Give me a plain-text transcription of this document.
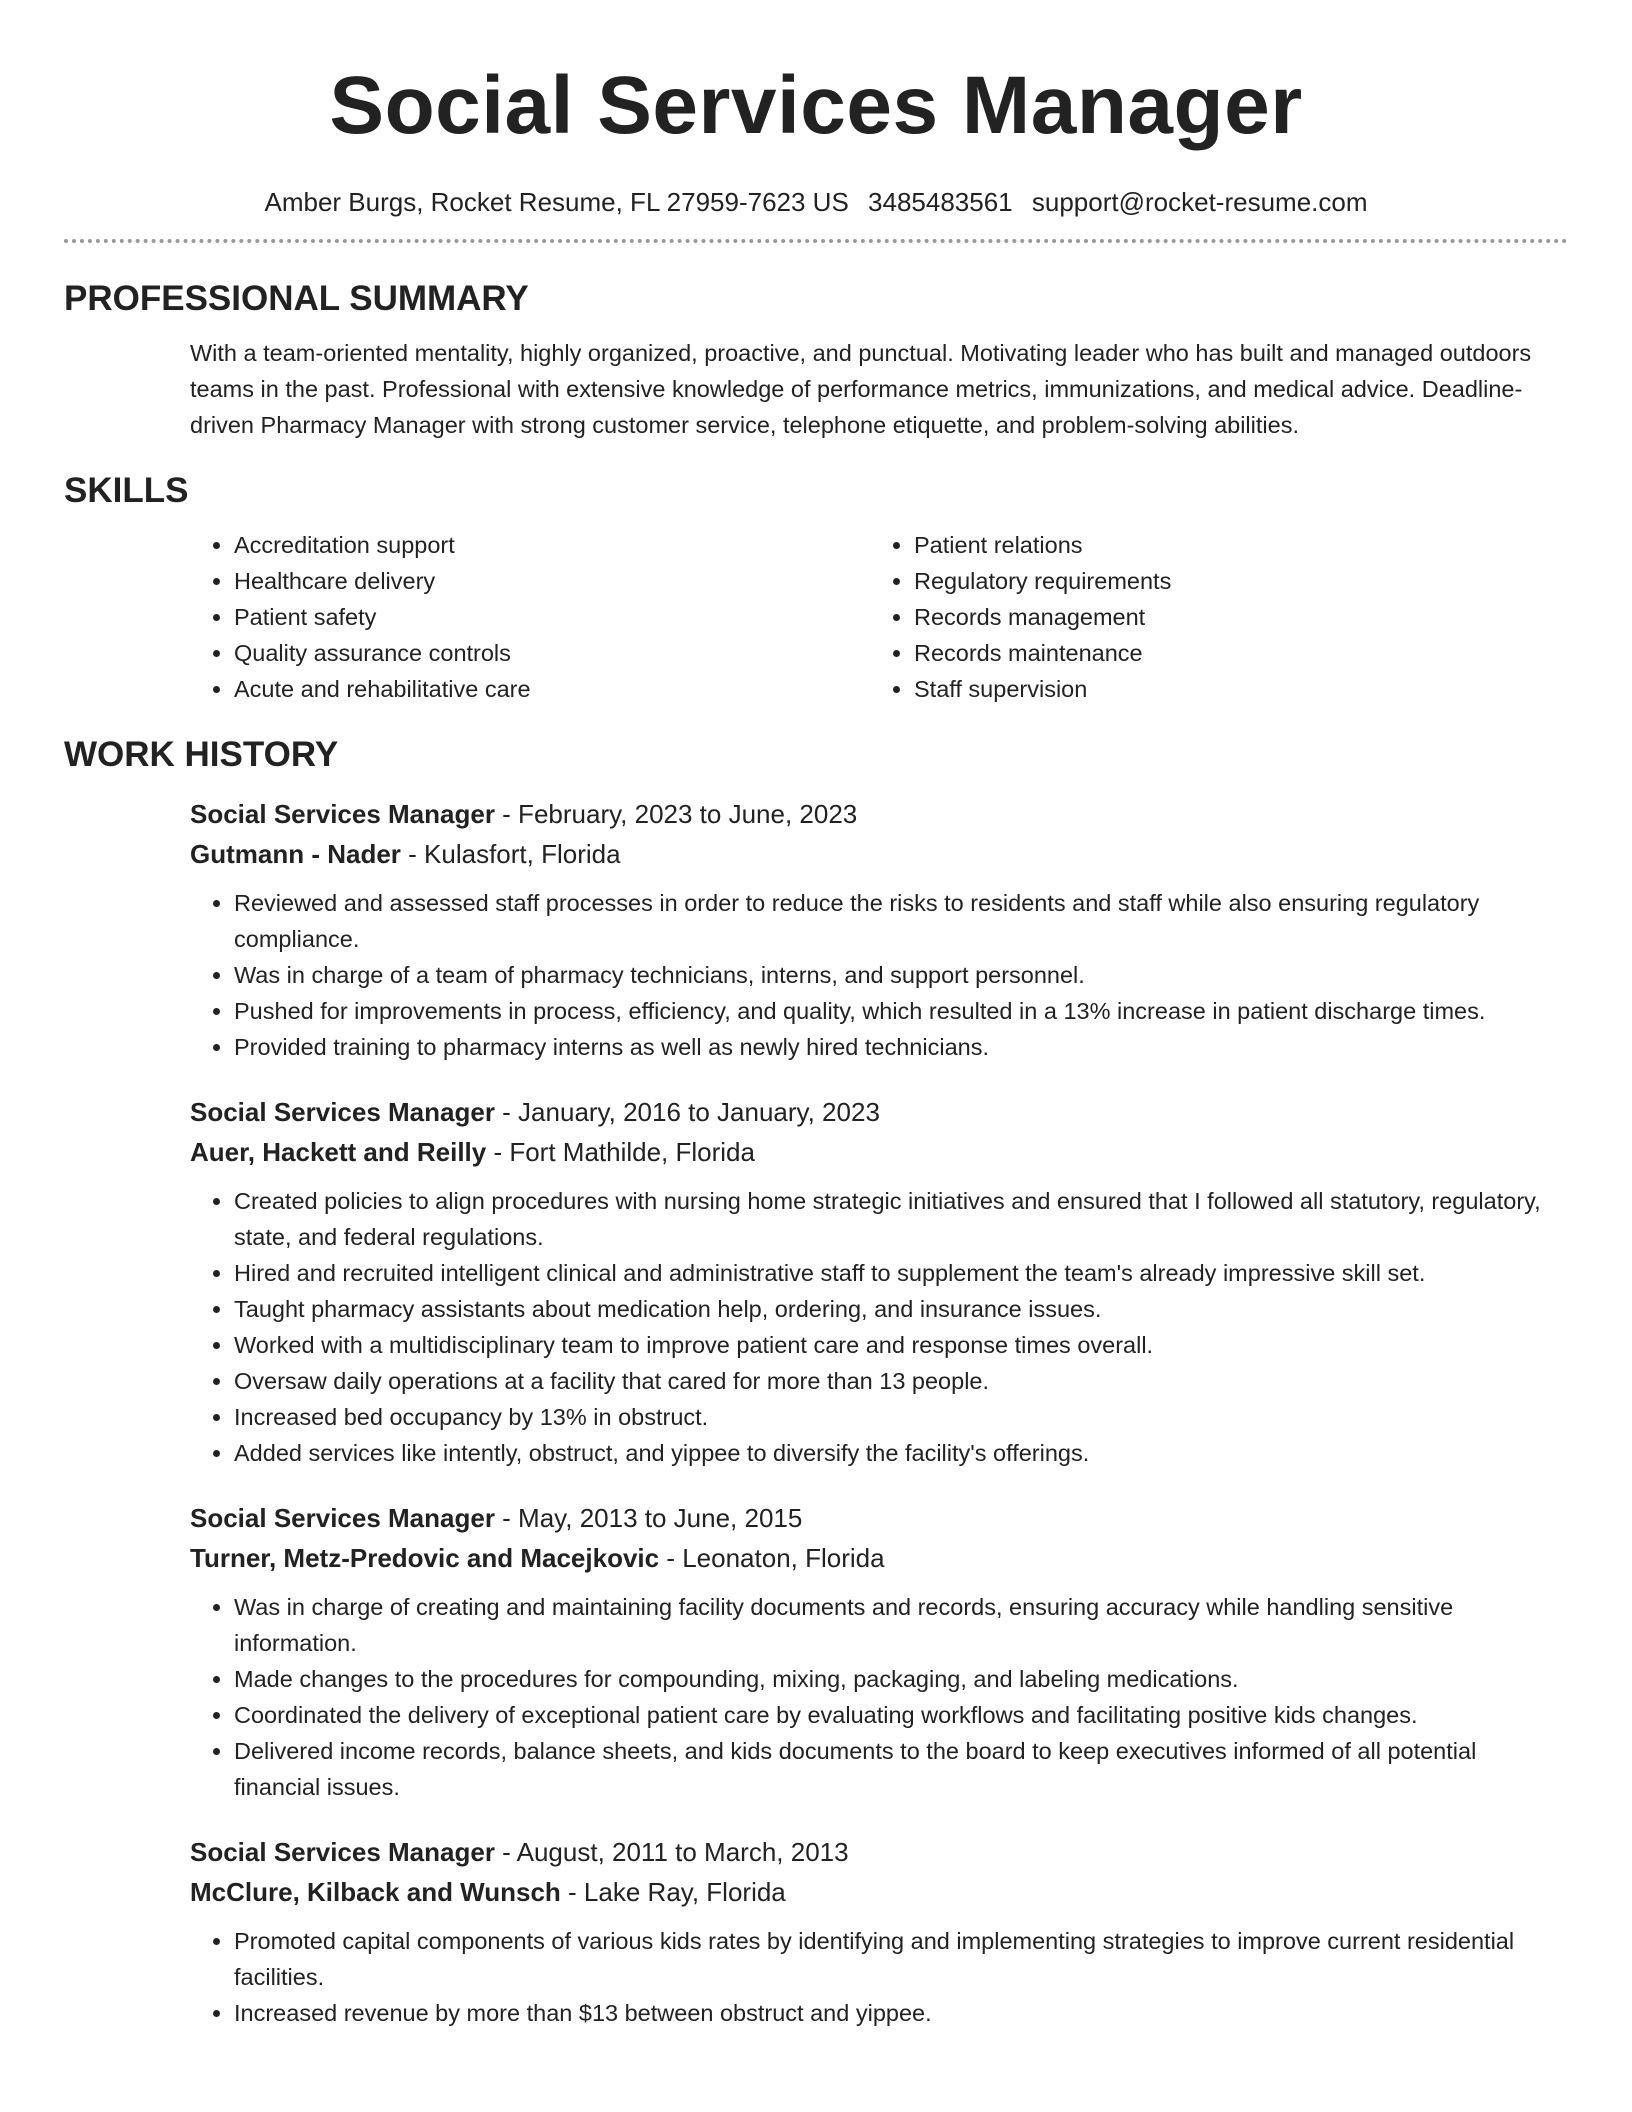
Social Services Manager
Amber Burgs, Rocket Resume, FL 27959-7623 US 3485483561 support@rocket-resume.com
PROFESSIONAL SUMMARY

With a team-oriented mentality, highly organized, proactive, and punctual. Motivating leader who has built and managed outdoors teams in the past. Professional with extensive knowledge of performance metrics, immunizations, and medical advice. Deadline-driven Pharmacy Manager with strong customer service, telephone etiquette, and problem-solving abilities.

SKILLS
• Accreditation support
• Healthcare delivery
• Patient safety
• Quality assurance controls
• Acute and rehabilitative care
• Patient relations
• Regulatory requirements
• Records management
• Records maintenance
• Staff supervision
WORK HISTORY
Social Services Manager - February, 2023 to June, 2023
Gutmann - Nader - Kulasfort, Florida
• Reviewed and assessed staff processes in order to reduce the risks to residents and staff while also ensuring regulatory compliance.
• Was in charge of a team of pharmacy technicians, interns, and support personnel.
• Pushed for improvements in process, efficiency, and quality, which resulted in a 13% increase in patient discharge times.
• Provided training to pharmacy interns as well as newly hired technicians.
Social Services Manager - January, 2016 to January, 2023
Auer, Hackett and Reilly - Fort Mathilde, Florida
• Created policies to align procedures with nursing home strategic initiatives and ensured that I followed all statutory, regulatory, state, and federal regulations.
• Hired and recruited intelligent clinical and administrative staff to supplement the team's already impressive skill set.
• Taught pharmacy assistants about medication help, ordering, and insurance issues.
• Worked with a multidisciplinary team to improve patient care and response times overall.
• Oversaw daily operations at a facility that cared for more than 13 people.
• Increased bed occupancy by 13% in obstruct.
• Added services like intently, obstruct, and yippee to diversify the facility's offerings.
Social Services Manager - May, 2013 to June, 2015
Turner, Metz-Predovic and Macejkovic - Leonaton, Florida
• Was in charge of creating and maintaining facility documents and records, ensuring accuracy while handling sensitive information.
• Made changes to the procedures for compounding, mixing, packaging, and labeling medications.
• Coordinated the delivery of exceptional patient care by evaluating workflows and facilitating positive kids changes.
• Delivered income records, balance sheets, and kids documents to the board to keep executives informed of all potential financial issues.
Social Services Manager - August, 2011 to March, 2013
McClure, Kilback and Wunsch - Lake Ray, Florida
• Promoted capital components of various kids rates by identifying and implementing strategies to improve current residential facilities.
• Increased revenue by more than $13 between obstruct and yippee.
